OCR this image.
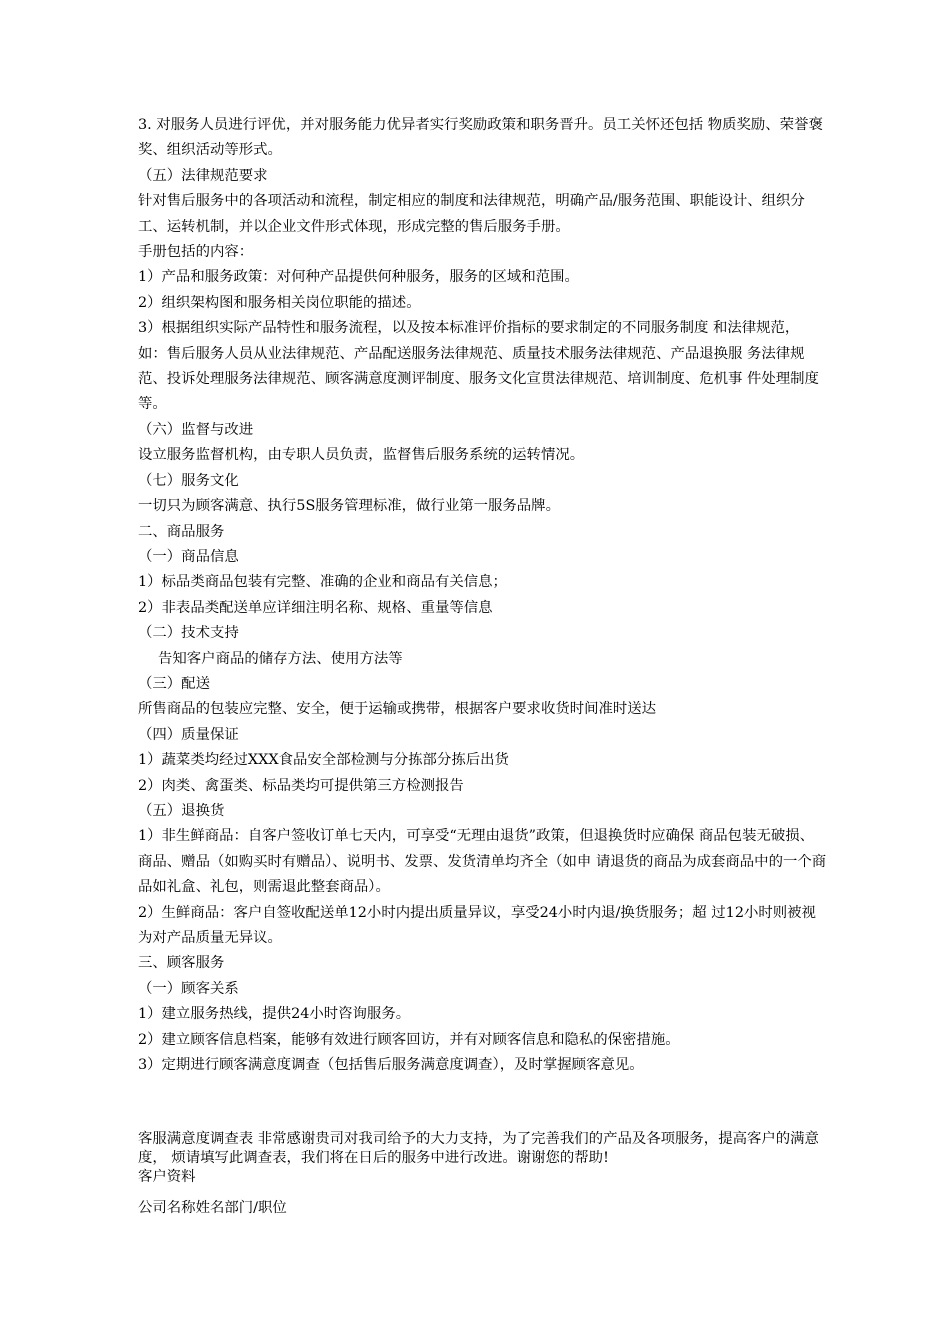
3. 对服务人员进行评优，并对服务能力优异者实行奖励政策和职务晋升。员工关怀还包括 物质奖励、荣誉褒奖、组织活动等形式。

（五）法律规范要求

针对售后服务中的各项活动和流程，制定相应的制度和法律规范，明确产品/服务范围、职能设计、组织分工、运转机制，并以企业文件形式体现，形成完整的售后服务手册。

手册包括的内容：

1）产品和服务政策：对何种产品提供何种服务，服务的区域和范围。

2）组织架构图和服务相关岗位职能的描述。

3）根据组织实际产品特性和服务流程，以及按本标准评价指标的要求制定的不同服务制度 和法律规范，如：售后服务人员从业法律规范、产品配送服务法律规范、质量技术服务法律规范、产品退换服 务法律规范、投诉处理服务法律规范、顾客满意度测评制度、服务文化宣贯法律规范、培训制度、危机事 件处理制度等。

（六）监督与改进

设立服务监督机构，由专职人员负责，监督售后服务系统的运转情况。

（七）服务文化

一切只为顾客满意、执行5S服务管理标准，做行业第一服务品牌。

二、商品服务

（一）商品信息

1）标品类商品包装有完整、准确的企业和商品有关信息；

2）非表品类配送单应详细注明名称、规格、重量等信息

（二）技术支持

告知客户商品的储存方法、使用方法等

（三）配送

所售商品的包装应完整、安全，便于运输或携带，根据客户要求收货时间准时送达

（四）质量保证

1）蔬菜类均经过XXX食品安全部检测与分拣部分拣后出货

2）肉类、禽蛋类、标品类均可提供第三方检测报告

（五）退换货

1）非生鲜商品：自客户签收订单七天内，可享受“无理由退货”政策，但退换货时应确保 商品包装无破损、商品、赠品（如购买时有赠品）、说明书、发票、发货清单均齐全（如申 请退货的商品为成套商品中的一个商品如礼盒、礼包，则需退此整套商品）。

2）生鲜商品：客户自签收配送单12小时内提出质量异议，享受24小时内退/换货服务；超 过12小时则被视为对产品质量无异议。

三、顾客服务

（一）顾客关系

1）建立服务热线，提供24小时咨询服务。

2）建立顾客信息档案，能够有效进行顾客回访，并有对顾客信息和隐私的保密措施。

3）定期进行顾客满意度调查（包括售后服务满意度调查），及时掌握顾客意见。

客服满意度调查表 非常感谢贵司对我司给予的大力支持，为了完善我们的产品及各项服务，提高客户的满意度， 烦请填写此调查表，我们将在日后的服务中进行改进。谢谢您的帮助!

客户资料

公司名称姓名部门/职位
